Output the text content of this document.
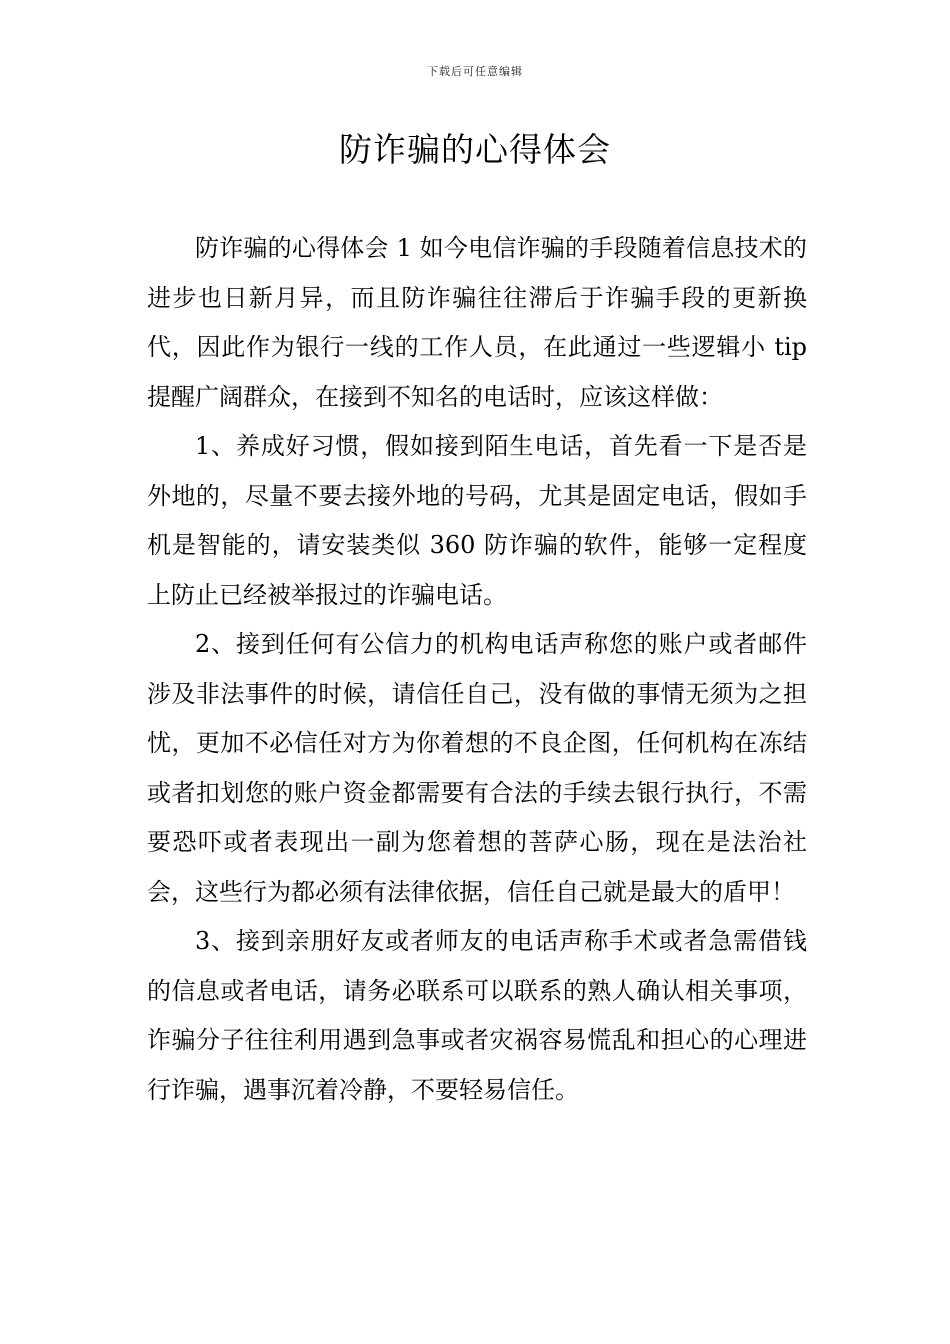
下载后可任意编辑
防诈骗的心得体会

防诈骗的心得体会 1 如今电信诈骗的手段随着信息技术的进步也日新月异，而且防诈骗往往滞后于诈骗手段的更新换代，因此作为银行一线的工作人员，在此通过一些逻辑小 tip 提醒广阔群众，在接到不知名的电话时，应该这样做：

1、养成好习惯，假如接到陌生电话，首先看一下是否是外地的，尽量不要去接外地的号码，尤其是固定电话，假如手机是智能的，请安装类似 360 防诈骗的软件，能够一定程度上防止已经被举报过的诈骗电话。

2、接到任何有公信力的机构电话声称您的账户或者邮件涉及非法事件的时候，请信任自己，没有做的事情无须为之担忧，更加不必信任对方为你着想的不良企图，任何机构在冻结或者扣划您的账户资金都需要有合法的手续去银行执行，不需要恐吓或者表现出一副为您着想的菩萨心肠，现在是法治社会，这些行为都必须有法律依据，信任自己就是最大的盾甲！

3、接到亲朋好友或者师友的电话声称手术或者急需借钱的信息或者电话，请务必联系可以联系的熟人确认相关事项，诈骗分子往往利用遇到急事或者灾祸容易慌乱和担心的心理进行诈骗，遇事沉着冷静，不要轻易信任。
